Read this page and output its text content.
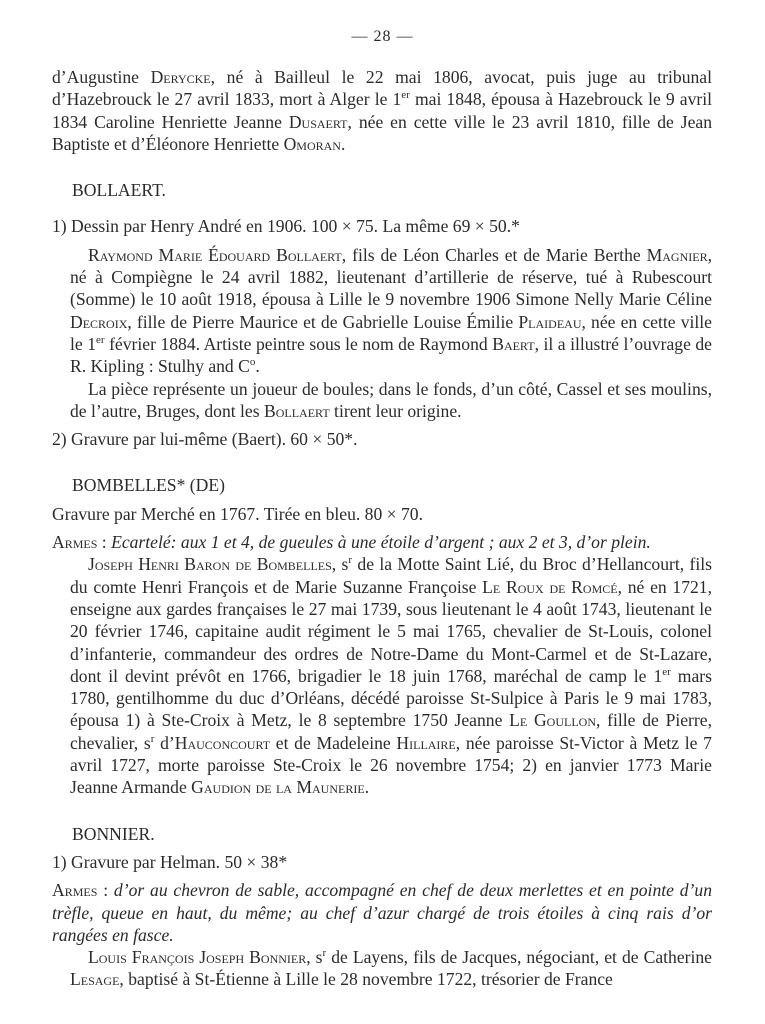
— 28 —

d’Augustine Derycke, né à Bailleul le 22 mai 1806, avocat, puis juge au tribunal d’Hazebrouck le 27 avril 1833, mort à Alger le 1er mai 1848, épousa à Hazebrouck le 9 avril 1834 Caroline Henriette Jeanne Dusaert, née en cette ville le 23 avril 1810, fille de Jean Baptiste et d’Éléonore Henriette Omoran.

BOLLAERT.

1) Dessin par Henry André en 1906. 100 × 75. La même 69 × 50.*

Raymond Marie Édouard Bollaert, fils de Léon Charles et de Marie Berthe Magnier, né à Compiègne le 24 avril 1882, lieutenant d’artillerie de réserve, tué à Rubescourt (Somme) le 10 août 1918, épousa à Lille le 9 novembre 1906 Simone Nelly Marie Céline Decroix, fille de Pierre Maurice et de Gabrielle Louise Émilie Plaideau, née en cette ville le 1er février 1884. Artiste peintre sous le nom de Raymond Baert, il a illustré l’ouvrage de R. Kipling : Stulhy and $C^o$.

La pièce représente un joueur de boules; dans le fonds, d’un côté, Cassel et ses moulins, de l’autre, Bruges, dont les Bollaert tirent leur origine.

2) Gravure par lui-même (Baert). 60 × 50*.

BOMBELLES* (DE)

Gravure par Merché en 1767. Tirée en bleu. 80 × 70.

Armes : Ecartelé: aux 1 et 4, de gueules à une étoile d’argent ; aux 2 et 3, d’or plein.

Joseph Henri Baron de Bombelles, $s^r$ de la Motte Saint Lié, du Broc d’Hellancourt, fils du comte Henri François et de Marie Suzanne Françoise Le Roux de Romcé, né en 1721, enseigne aux gardes françaises le 27 mai 1739, sous lieutenant le 4 août 1743, lieutenant le 20 février 1746, capitaine audit régiment le 5 mai 1765, chevalier de St-Louis, colonel d’infanterie, commandeur des ordres de Notre-Dame du Mont-Carmel et de St-Lazare, dont il devint prévôt en 1766, brigadier le 18 juin 1768, maréchal de camp le 1er mars 1780, gentilhomme du duc d’Orléans, décédé paroisse St-Sulpice à Paris le 9 mai 1783, épousa 1) à Ste-Croix à Metz, le 8 septembre 1750 Jeanne Le Goullon, fille de Pierre, chevalier, $s^r$ d’Hauconcourt et de Madeleine Hillaire, née paroisse St-Victor à Metz le 7 avril 1727, morte paroisse Ste-Croix le 26 novembre 1754; 2) en janvier 1773 Marie Jeanne Armande Gaudion de la Maunerie.

BONNIER.

1) Gravure par Helman. 50 × 38*

Armes : d’or au chevron de sable, accompagné en chef de deux merlettes et en pointe d’un trèfle, queue en haut, du même; au chef d’azur chargé de trois étoiles à cinq rais d’or rangées en fasce.

Louis François Joseph Bonnier, $s^r$ de Layens, fils de Jacques, négociant, et de Catherine Lesage, baptisé à St-Étienne à Lille le 28 novembre 1722, trésorier de France
